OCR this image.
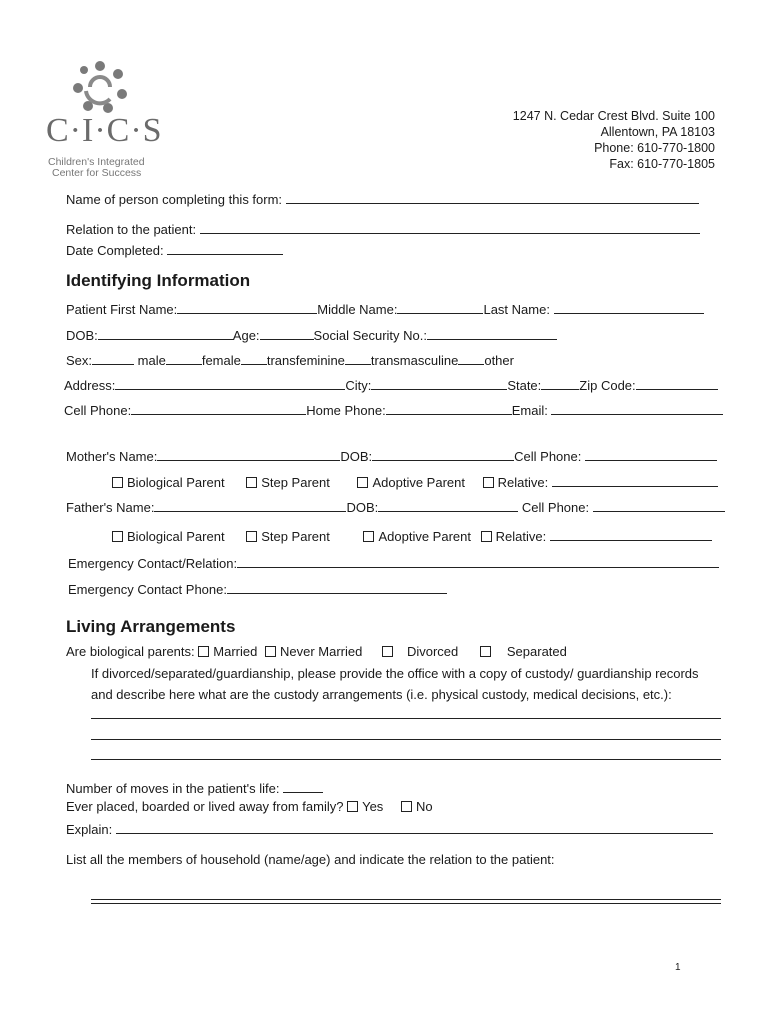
C·I·C·S
Children's Integrated
Center for Success
1247 N. Cedar Crest Blvd. Suite 100
Allentown, PA 18103
Phone: 610-770-1800
Fax: 610-770-1805
Name of person completing this form:
Relation to the patient:
Date Completed:
Identifying Information
Patient First Name:	Middle Name:	Last Name:
DOB:	Age:	Social Security No.:
Sex:	male	female transfeminine transmasculine other
Address:	City:	State:	Zip Code:
Cell Phone:	Home Phone:	Email:
Mother's Name:	DOB:	Cell Phone:
Biological Parent	Step Parent	Adoptive Parent	Relative:
Father's Name:	DOB:	Cell Phone:
Biological Parent	Step Parent	Adoptive Parent Relative:
Emergency Contact/Relation:
Emergency Contact Phone:
Living Arrangements
Are biological parents: Married Never Married	Divorced	Separated
If divorced/separated/guardianship, please provide the office with a copy of custody/ guardianship records
and describe here what are the custody arrangements (i.e. physical custody, medical decisions, etc.):
Number of moves in the patient's life:
Ever placed, boarded or lived away from family? Yes	No
Explain:
List all the members of household (name/age) and indicate the relation to the patient:
1
